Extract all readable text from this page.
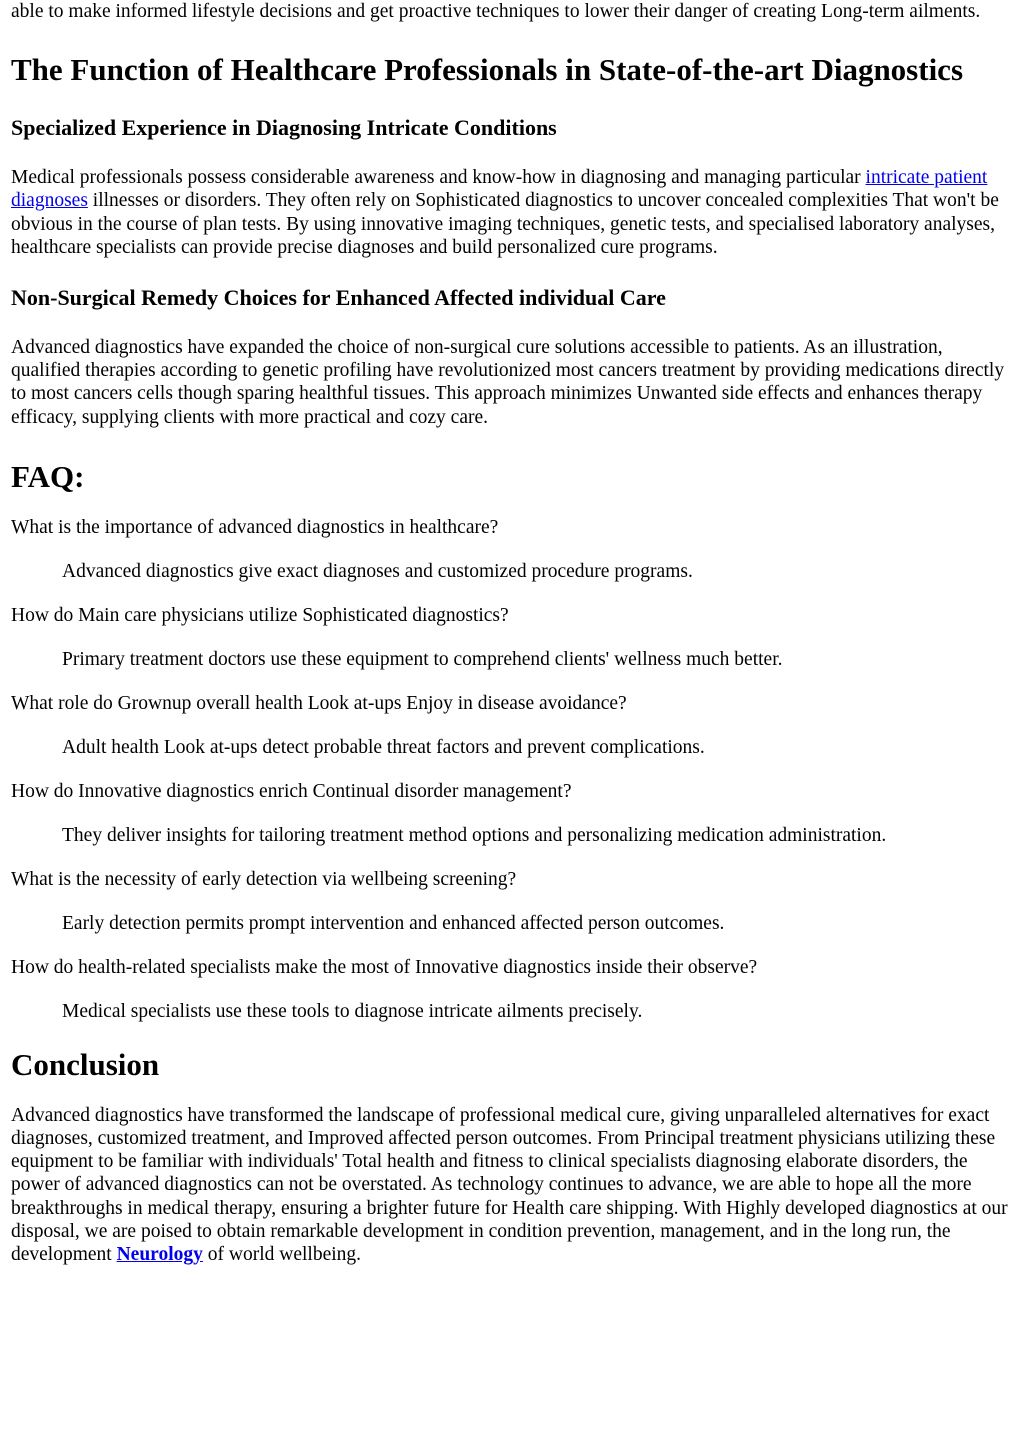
able to make informed lifestyle decisions and get proactive techniques to lower their danger of creating Long-term ailments.

The Function of Healthcare Professionals in State-of-the-art Diagnostics
Specialized Experience in Diagnosing Intricate Conditions

Medical professionals possess considerable awareness and know-how in diagnosing and managing particular intricate patient diagnoses illnesses or disorders. They often rely on Sophisticated diagnostics to uncover concealed complexities That won't be obvious in the course of plan tests. By using innovative imaging techniques, genetic tests, and specialised laboratory analyses, healthcare specialists can provide precise diagnoses and build personalized cure programs.

Non-Surgical Remedy Choices for Enhanced Affected individual Care

Advanced diagnostics have expanded the choice of non-surgical cure solutions accessible to patients. As an illustration, qualified therapies according to genetic profiling have revolutionized most cancers treatment by providing medications directly to most cancers cells though sparing healthful tissues. This approach minimizes Unwanted side effects and enhances therapy efficacy, supplying clients with more practical and cozy care.

FAQ:

What is the importance of advanced diagnostics in healthcare?

Advanced diagnostics give exact diagnoses and customized procedure programs.

How do Main care physicians utilize Sophisticated diagnostics?

Primary treatment doctors use these equipment to comprehend clients' wellness much better.

What role do Grownup overall health Look at-ups Enjoy in disease avoidance?

Adult health Look at-ups detect probable threat factors and prevent complications.

How do Innovative diagnostics enrich Continual disorder management?

They deliver insights for tailoring treatment method options and personalizing medication administration.

What is the necessity of early detection via wellbeing screening?

Early detection permits prompt intervention and enhanced affected person outcomes.

How do health-related specialists make the most of Innovative diagnostics inside their observe?

Medical specialists use these tools to diagnose intricate ailments precisely.

Conclusion

Advanced diagnostics have transformed the landscape of professional medical cure, giving unparalleled alternatives for exact diagnoses, customized treatment, and Improved affected person outcomes. From Principal treatment physicians utilizing these equipment to be familiar with individuals' Total health and fitness to clinical specialists diagnosing elaborate disorders, the power of advanced diagnostics can not be overstated. As technology continues to advance, we are able to hope all the more breakthroughs in medical therapy, ensuring a brighter future for Health care shipping. With Highly developed diagnostics at our disposal, we are poised to obtain remarkable development in condition prevention, management, and in the long run, the development Neurology of world wellbeing.
